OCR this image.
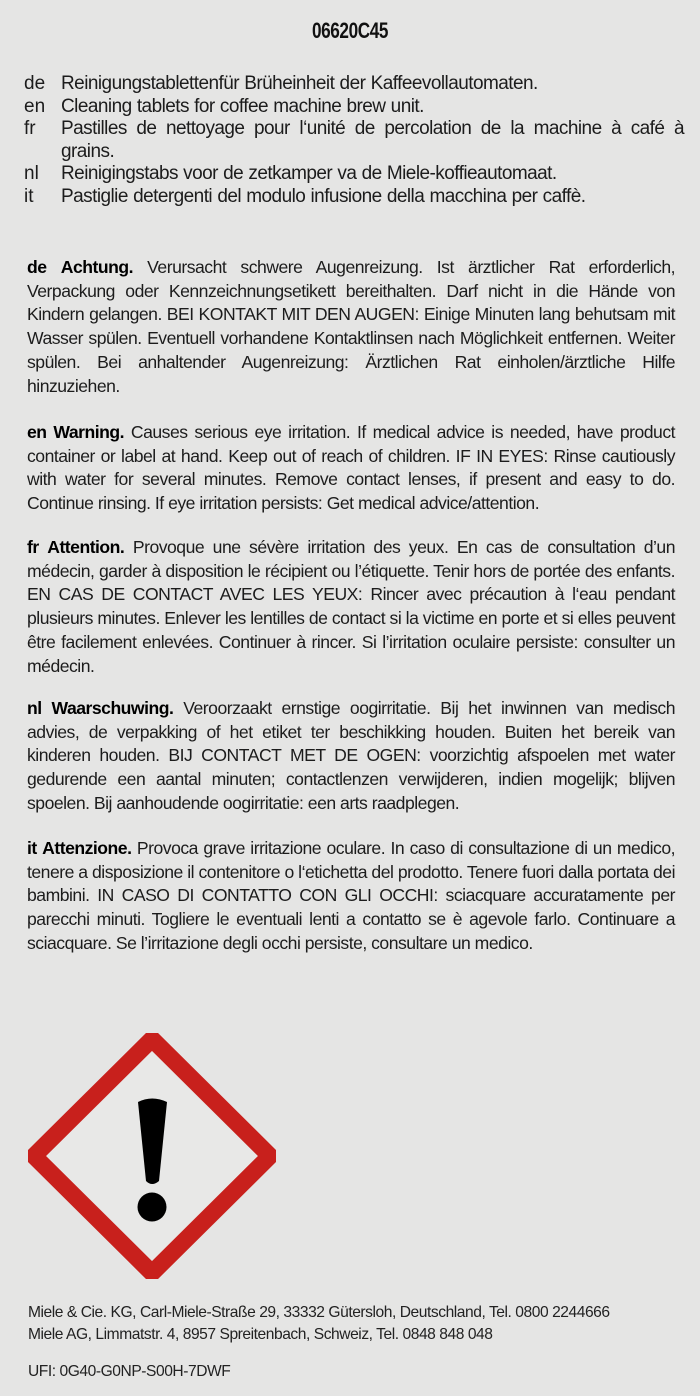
06620C45
de Reinigungstablettenfür Brüheinheit der Kaffeevollautomaten.
en Cleaning tablets for coffee machine brew unit.
fr	Pastilles de nettoyage pour l‘unité de percolation de la machine à café à grains.
nl	Reinigingstabs voor de zetkamper va de Miele-koffieautomaat.
it	Pastiglie detergenti del modulo infusione della macchina per caffè.
de Achtung. Verursacht schwere Augenreizung. Ist ärztlicher Rat erforderlich, Verpackung oder Kennzeichnungsetikett bereithalten. Darf nicht in die Hände von Kindern gelangen. BEI KONTAKT MIT DEN AUGEN: Einige Minuten lang behutsam mit Wasser spülen. Eventuell vorhandene Kontaktlinsen nach Möglichkeit entfernen. Weiter spülen. Bei anhaltender Augenreizung: Ärztlichen Rat einholen/ärztliche Hilfe hinzuziehen.
en Warning. Causes serious eye irritation. If medical advice is needed, have product container or label at hand. Keep out of reach of children. IF IN EYES: Rinse cautiously with water for several minutes. Remove contact lenses, if present and easy to do. Continue rinsing. If eye irritation persists: Get medical advice/attention.
fr Attention. Provoque une sévère irritation des yeux. En cas de consultation d’un médecin, garder à disposition le récipient ou l’étiquette. Tenir hors de portée des enfants. EN CAS DE CONTACT AVEC LES YEUX: Rincer avec précaution à l‘eau pendant plusieurs minutes. Enlever les lentilles de contact si la victime en porte et si elles peuvent être facilement enlevées. Continuer à rincer. Si l’irritation oculaire persiste: consulter un médecin.
nl Waarschuwing. Veroorzaakt ernstige oogirritatie. Bij het inwinnen van medisch advies, de verpakking of het etiket ter beschikking houden. Buiten het bereik van kinderen houden. BIJ CONTACT MET DE OGEN: voorzichtig afspoelen met water gedurende een aantal minuten; contactlenzen verwijderen, indien mogelijk; blijven spoelen. Bij aanhoudende oogirritatie: een arts raadplegen.
it Attenzione. Provoca grave irritazione oculare. In caso di consultazione di un medico, tenere a disposizione il contenitore o l‘etichetta del prodotto. Tenere fuori dalla portata dei bambini. IN CASO DI CONTATTO CON GLI OCCHI: sciacquare accuratamente per parecchi minuti. Togliere le eventuali lenti a contatto se è agevole farlo. Continuare a sciacquare. Se l’irritazione degli occhi persiste, consultare un medico.
Miele & Cie. KG, Carl-Miele-Straße 29, 33332 Gütersloh, Deutschland, Tel. 0800 2244666
Miele AG, Limmatstr. 4, 8957 Spreitenbach, Schweiz, Tel. 0848 848 048
UFI: 0G40-G0NP-S00H-7DWF
